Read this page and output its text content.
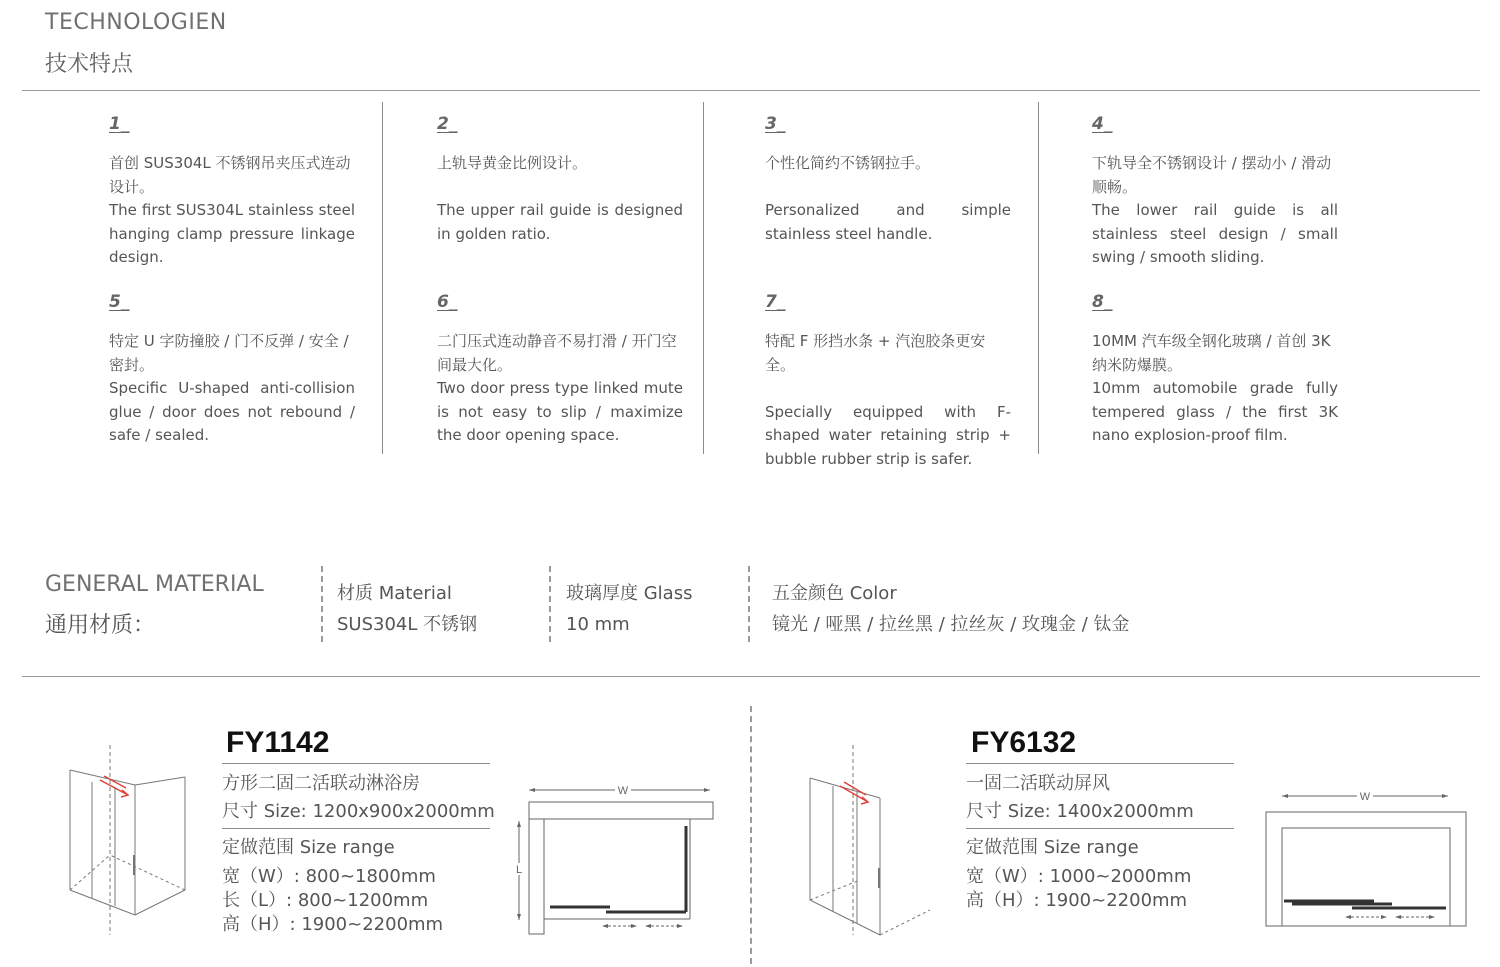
TECHNOLOGIEN
技术特点
1_
首创 SUS304L 不锈钢吊夹压式连动设计。
The first SUS304L stainless steel hanging clamp pressure linkage design.
2_
上轨导黄金比例设计。
The upper rail guide is designed in golden ratio.
3_
个性化简约不锈钢拉手。
Personalized and simple stainless steel handle.
4_
下轨导全不锈钢设计 / 摆动小 / 滑动顺畅。
The lower rail guide is all stainless steel design / small swing / smooth sliding.
5_
特定 U 字防撞胶 / 门不反弹 / 安全 / 密封。
Specific U-shaped anti-collision glue / door does not rebound / safe / sealed.
6_
二门压式连动静音不易打滑 / 开门空间最大化。
Two door press type linked mute is not easy to slip / maximize the door opening space.
7_
特配 F 形挡水条 + 汽泡胶条更安全。
Specially equipped with F-shaped water retaining strip + bubble rubber strip is safer.
8_
10MM 汽车级全钢化玻璃 / 首创 3K 纳米防爆膜。
10mm automobile grade fully tempered glass / the first 3K nano explosion-proof film.
GENERAL MATERIAL
通用材质：
材质 Material
SUS304L 不锈钢
玻璃厚度 Glass
10 mm
五金颜色 Color
镜光 / 哑黑 / 拉丝黑 / 拉丝灰 / 玫瑰金 / 钛金
FY1142
方形二固二活联动淋浴房
尺寸 Size: 1200x900x2000mm
定做范围 Size range
宽（W）: 800~1800mm
长（L）: 800~1200mm
高（H）: 1900~2200mm
W
L
FY6132
一固二活联动屏风
尺寸 Size: 1400x2000mm
定做范围 Size range
宽（W）: 1000~2000mm
高（H）: 1900~2200mm
W
